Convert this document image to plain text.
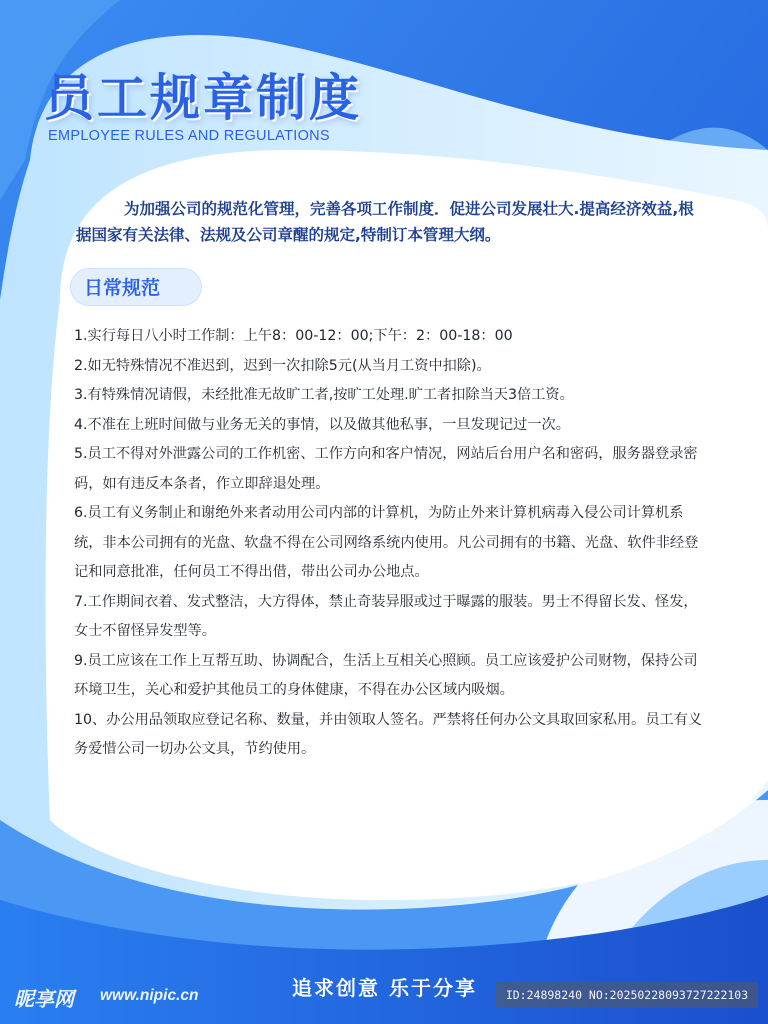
员工规章制度
EMPLOYEE RULES AND REGULATIONS

为加强公司的规范化管理，完善各项工作制度．促进公司发展壮大.提高经济效益,根据国家有关法律、法规及公司章醒的规定,特制订本管理大纲。

日常规范
1.实行每日八小时工作制：上午8：00-12：00;下午：2：00-18：00
2.如无特殊情况不准迟到，迟到一次扣除5元(从当月工资中扣除)。
3.有特殊情况请假，未经批准无故旷工者,按旷工处理.旷工者扣除当天3倍工资。
4.不准在上班时间做与业务无关的事情，以及做其他私事，一旦发现记过一次。
5.员工不得对外泄露公司的工作机密、工作方向和客户情况，网站后台用户名和密码，服务器登录密码，如有违反本条者，作立即辞退处理。
6.员工有义务制止和谢绝外来者动用公司内部的计算机，为防止外来计算机病毒入侵公司计算机系统，非本公司拥有的光盘、软盘不得在公司网络系统内使用。凡公司拥有的书籍、光盘、软件非经登记和同意批准，任何员工不得出借，带出公司办公地点。
7.工作期间衣着、发式整洁，大方得体，禁止奇装异服或过于曝露的服装。男士不得留长发、怪发，女士不留怪异发型等。
9.员工应该在工作上互帮互助、协调配合，生活上互相关心照顾。员工应该爱护公司财物，保持公司环境卫生，关心和爱护其他员工的身体健康，不得在办公区域内吸烟。
10、办公用品领取应登记名称、数量，并由领取人签名。严禁将任何办公文具取回家私用。员工有义务爱惜公司一切办公文具，节约使用。
追求创意 乐于分享
昵享网 www.nipic.cn	ID:24898240 NO:20250228093727222103
